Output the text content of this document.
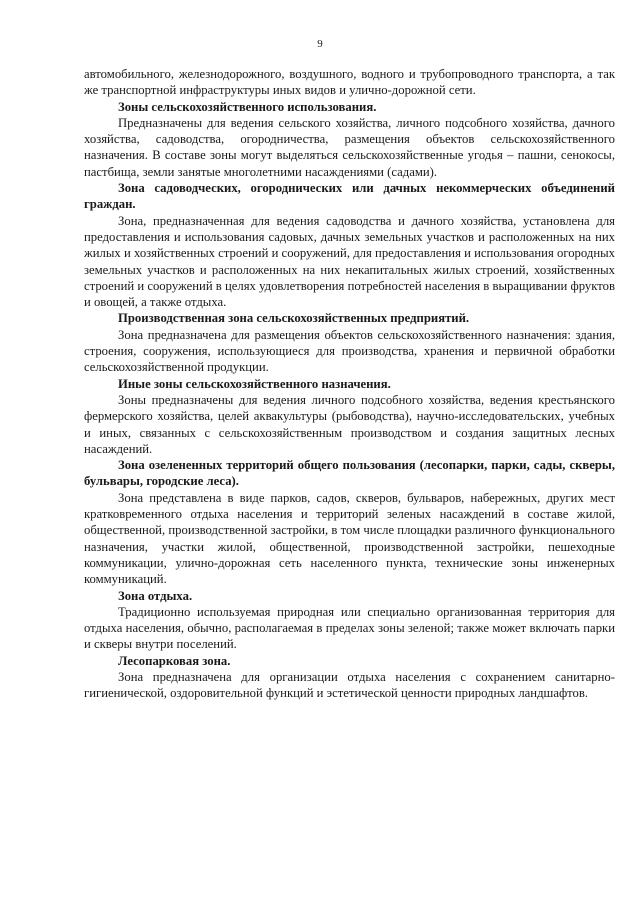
9

автомобильного, железнодорожного, воздушного, водного и трубопроводного транспорта, а так же транспортной инфраструктуры иных видов и улично-дорожной сети.

Зоны сельскохозяйственного использования.

Предназначены для ведения сельского хозяйства, личного подсобного хозяйства, дачного хозяйства, садоводства, огородничества, размещения объектов сельскохозяйственного назначения. В составе зоны могут выделяться сельскохозяйственные угодья – пашни, сенокосы, пастбища, земли занятые многолетними насаждениями (садами).

Зона садоводческих, огороднических или дачных некоммерческих объединений граждан.

Зона, предназначенная для ведения садоводства и дачного хозяйства, установлена для предоставления и использования садовых, дачных земельных участков и расположенных на них жилых и хозяйственных строений и сооружений, для предоставления и использования огородных земельных участков и расположенных на них некапитальных жилых строений, хозяйственных строений и сооружений в целях удовлетворения потребностей населения в выращивании фруктов и овощей, а также отдыха.

Производственная зона сельскохозяйственных предприятий.

Зона предназначена для размещения объектов сельскохозяйственного назначения: здания, строения, сооружения, использующиеся для производства, хранения и первичной обработки сельскохозяйственной продукции.

Иные зоны сельскохозяйственного назначения.

Зоны предназначены для ведения личного подсобного хозяйства, ведения крестьянского фермерского хозяйства, целей аквакультуры (рыбоводства), научно-исследовательских, учебных и иных, связанных с сельскохозяйственным производством и создания защитных лесных насаждений.

Зона озелененных территорий общего пользования (лесопарки, парки, сады, скверы, бульвары, городские леса).

Зона представлена в виде парков, садов, скверов, бульваров, набережных, других мест кратковременного отдыха населения и территорий зеленых насаждений в составе жилой, общественной, производственной застройки, в том числе площадки различного функционального назначения, участки жилой, общественной, производственной застройки, пешеходные коммуникации, улично-дорожная сеть населенного пункта, технические зоны инженерных коммуникаций.

Зона отдыха.

Традиционно используемая природная или специально организованная территория для отдыха населения, обычно, располагаемая в пределах зоны зеленой; также может включать парки и скверы внутри поселений.

Лесопарковая зона.

Зона предназначена для организации отдыха населения с сохранением санитарно-гигиенической, оздоровительной функций и эстетической ценности природных ландшафтов.
